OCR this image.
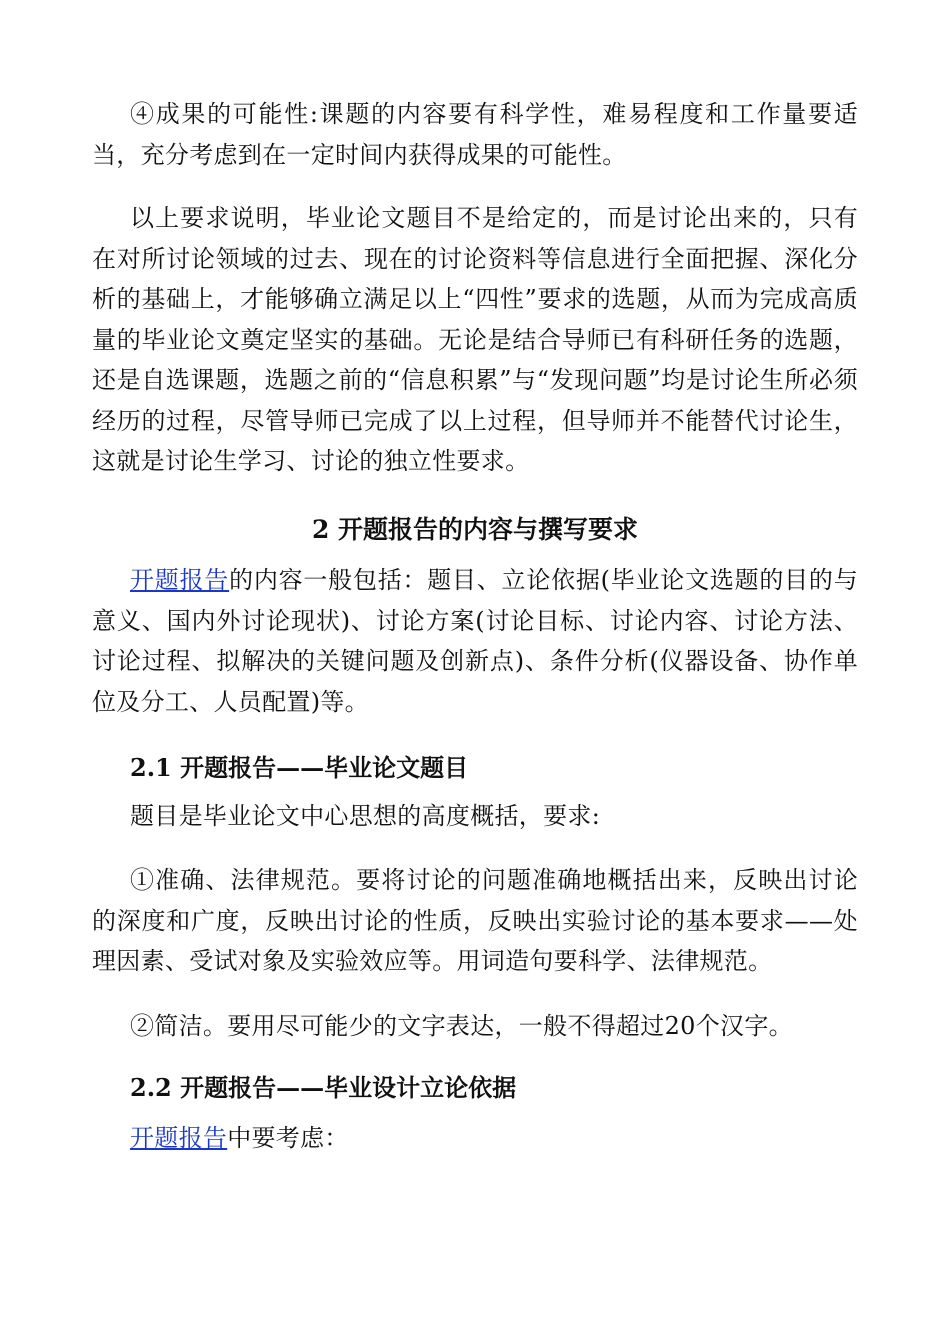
④成果的可能性:课题的内容要有科学性，难易程度和工作量要适当，充分考虑到在一定时间内获得成果的可能性。

以上要求说明，毕业论文题目不是给定的，而是讨论出来的，只有在对所讨论领域的过去、现在的讨论资料等信息进行全面把握、深化分析的基础上，才能够确立满足以上“四性”要求的选题，从而为完成高质量的毕业论文奠定坚实的基础。无论是结合导师已有科研任务的选题，还是自选课题，选题之前的“信息积累”与“发现问题”均是讨论生所必须经历的过程，尽管导师已完成了以上过程，但导师并不能替代讨论生，这就是讨论生学习、讨论的独立性要求。

2 开题报告的内容与撰写要求

开题报告的内容一般包括：题目、立论依据(毕业论文选题的目的与意义、国内外讨论现状)、讨论方案(讨论目标、讨论内容、讨论方法、讨论过程、拟解决的关键问题及创新点)、条件分析(仪器设备、协作单位及分工、人员配置)等。

2.1 开题报告——毕业论文题目

题目是毕业论文中心思想的高度概括，要求:

①准确、法律规范。要将讨论的问题准确地概括出来，反映出讨论的深度和广度，反映出讨论的性质，反映出实验讨论的基本要求——处理因素、受试对象及实验效应等。用词造句要科学、法律规范。

②简洁。要用尽可能少的文字表达，一般不得超过20个汉字。

2.2 开题报告——毕业设计立论依据

开题报告中要考虑：
